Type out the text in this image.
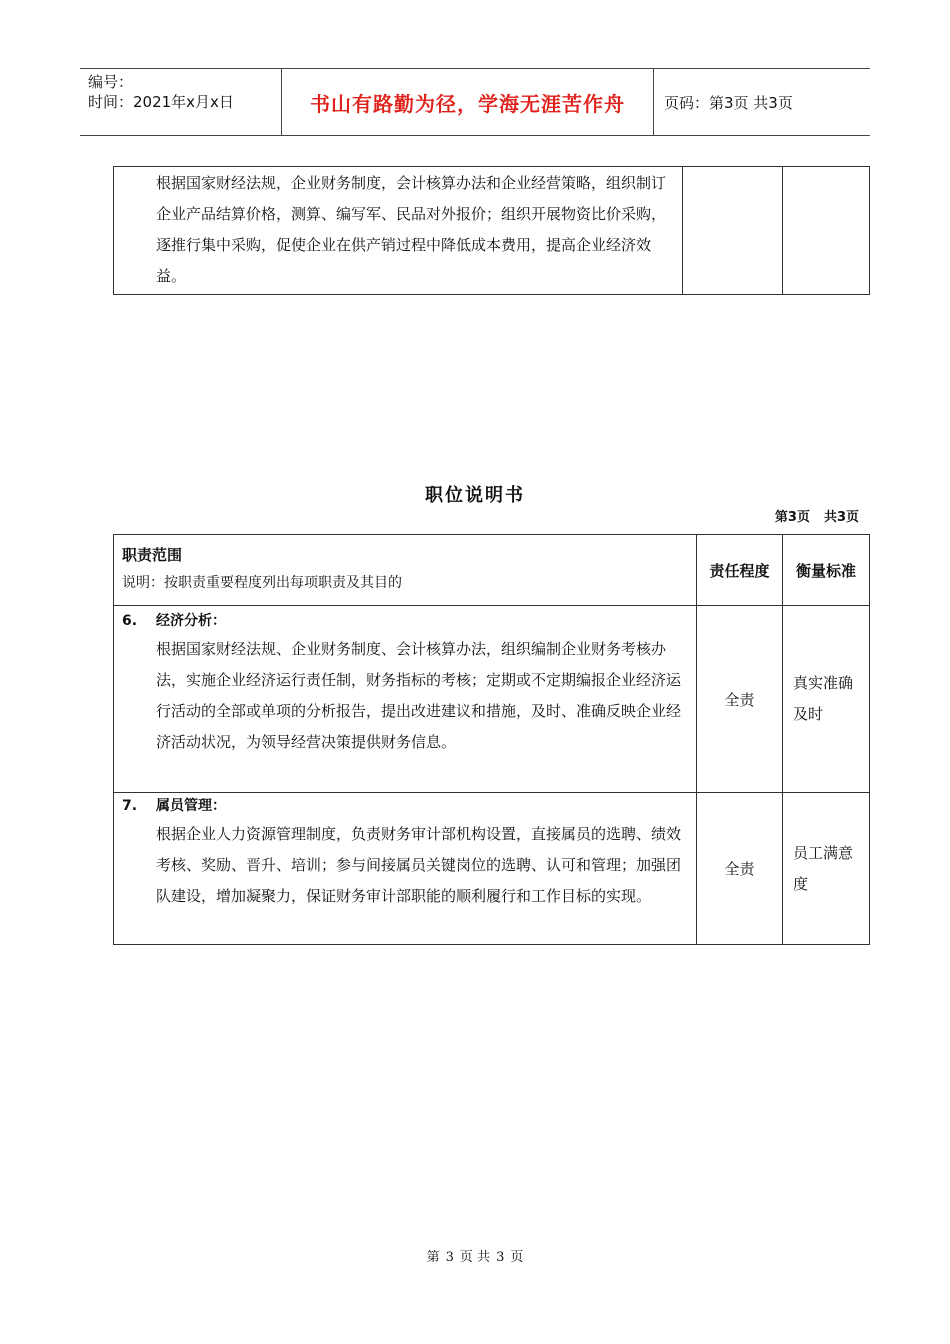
编号：
时间：2021年x月x日	书山有路勤为径，学海无涯苦作舟	页码：第3页 共3页
根据国家财经法规，企业财务制度，会计核算办法和企业经营策略，组织制订企业产品结算价格，测算、编写军、民品对外报价；组织开展物资比价采购，逐推行集中采购，促使企业在供产销过程中降低成本费用，提高企业经济效益。

职位说明书
第3页 共3页
职责范围
说明：按职责重要程度列出每项职责及其目的	责任程度	衡量标准

6. 经济分析：
根据国家财经法规、企业财务制度、会计核算办法，组织编制企业财务考核办法，实施企业经济运行责任制，财务指标的考核；定期或不定期编报企业经济运行活动的全部或单项的分析报告，提出改进建议和措施，及时、准确反映企业经济活动状况，为领导经营决策提供财务信息。	全责	真实准确及时

7. 属员管理：
根据企业人力资源管理制度，负责财务审计部机构设置，直接属员的选聘、绩效考核、奖励、晋升、培训；参与间接属员关键岗位的选聘、认可和管理；加强团队建设，增加凝聚力，保证财务审计部职能的顺利履行和工作目标的实现。	全责	员工满意度
第 3 页 共 3 页
